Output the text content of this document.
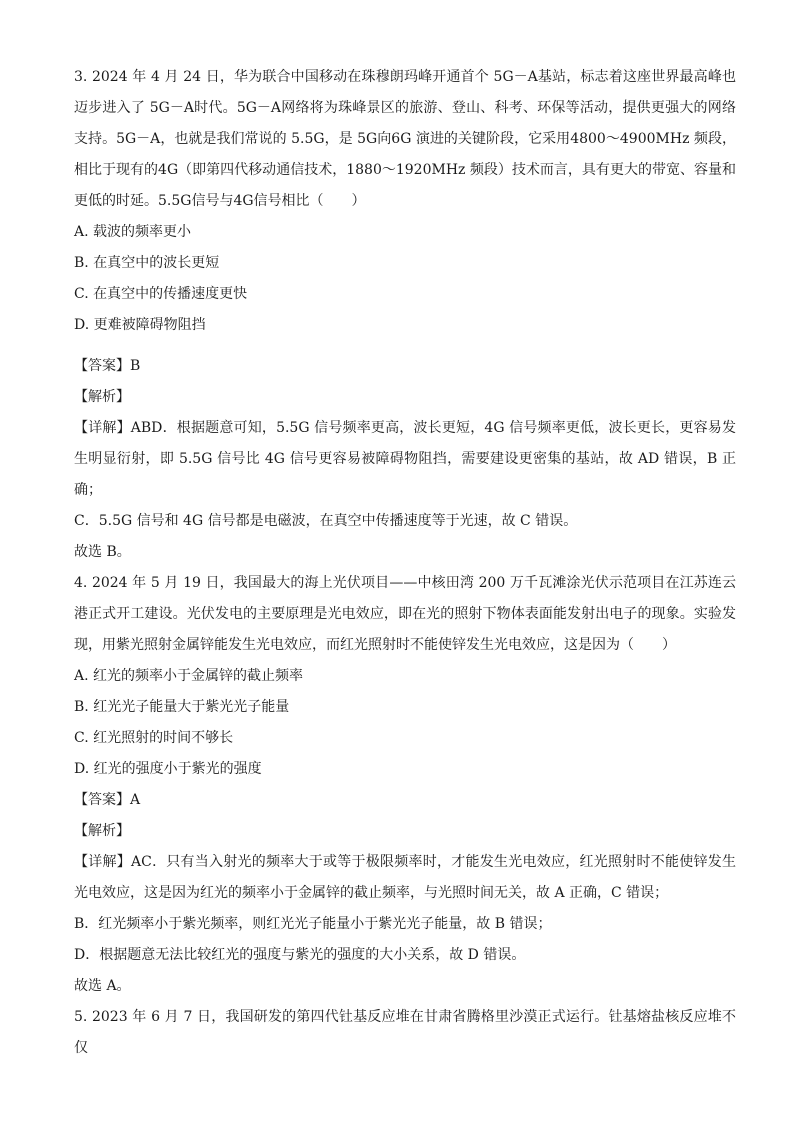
3. 2024 年 4 月 24 日，华为联合中国移动在珠穆朗玛峰开通首个 5G－A基站，标志着这座世界最高峰也迈步进入了 5G－A时代。5G－A网络将为珠峰景区的旅游、登山、科考、环保等活动，提供更强大的网络支持。5G－A，也就是我们常说的 5.5G，是 5G向6G 演进的关键阶段，它采用4800～4900MHz 频段，相比于现有的4G（即第四代移动通信技术，1880～1920MHz 频段）技术而言，具有更大的带宽、容量和更低的时延。5.5G信号与4G信号相比（　　）
A. 载波的频率更小
B. 在真空中的波长更短
C. 在真空中的传播速度更快
D. 更难被障碍物阻挡
【答案】B
【解析】
【详解】ABD．根据题意可知，5.5G 信号频率更高，波长更短，4G 信号频率更低，波长更长，更容易发生明显衍射，即 5.5G 信号比 4G 信号更容易被障碍物阻挡，需要建设更密集的基站，故 AD 错误，B 正确；
C．5.5G 信号和 4G 信号都是电磁波，在真空中传播速度等于光速，故 C 错误。
故选 B。
4. 2024 年 5 月 19 日，我国最大的海上光伏项目——中核田湾 200 万千瓦滩涂光伏示范项目在江苏连云港正式开工建设。光伏发电的主要原理是光电效应，即在光的照射下物体表面能发射出电子的现象。实验发现，用紫光照射金属锌能发生光电效应，而红光照射时不能使锌发生光电效应，这是因为（　　）
A. 红光的频率小于金属锌的截止频率
B. 红光光子能量大于紫光光子能量
C. 红光照射的时间不够长
D. 红光的强度小于紫光的强度
【答案】A
【解析】
【详解】AC．只有当入射光的频率大于或等于极限频率时，才能发生光电效应，红光照射时不能使锌发生光电效应，这是因为红光的频率小于金属锌的截止频率，与光照时间无关，故 A 正确，C 错误；
B．红光频率小于紫光频率，则红光光子能量小于紫光光子能量，故 B 错误；
D．根据题意无法比较红光的强度与紫光的强度的大小关系，故 D 错误。
故选 A。
5. 2023 年 6 月 7 日，我国研发的第四代钍基反应堆在甘肃省腾格里沙漠正式运行。钍基熔盐核反应堆不仅
